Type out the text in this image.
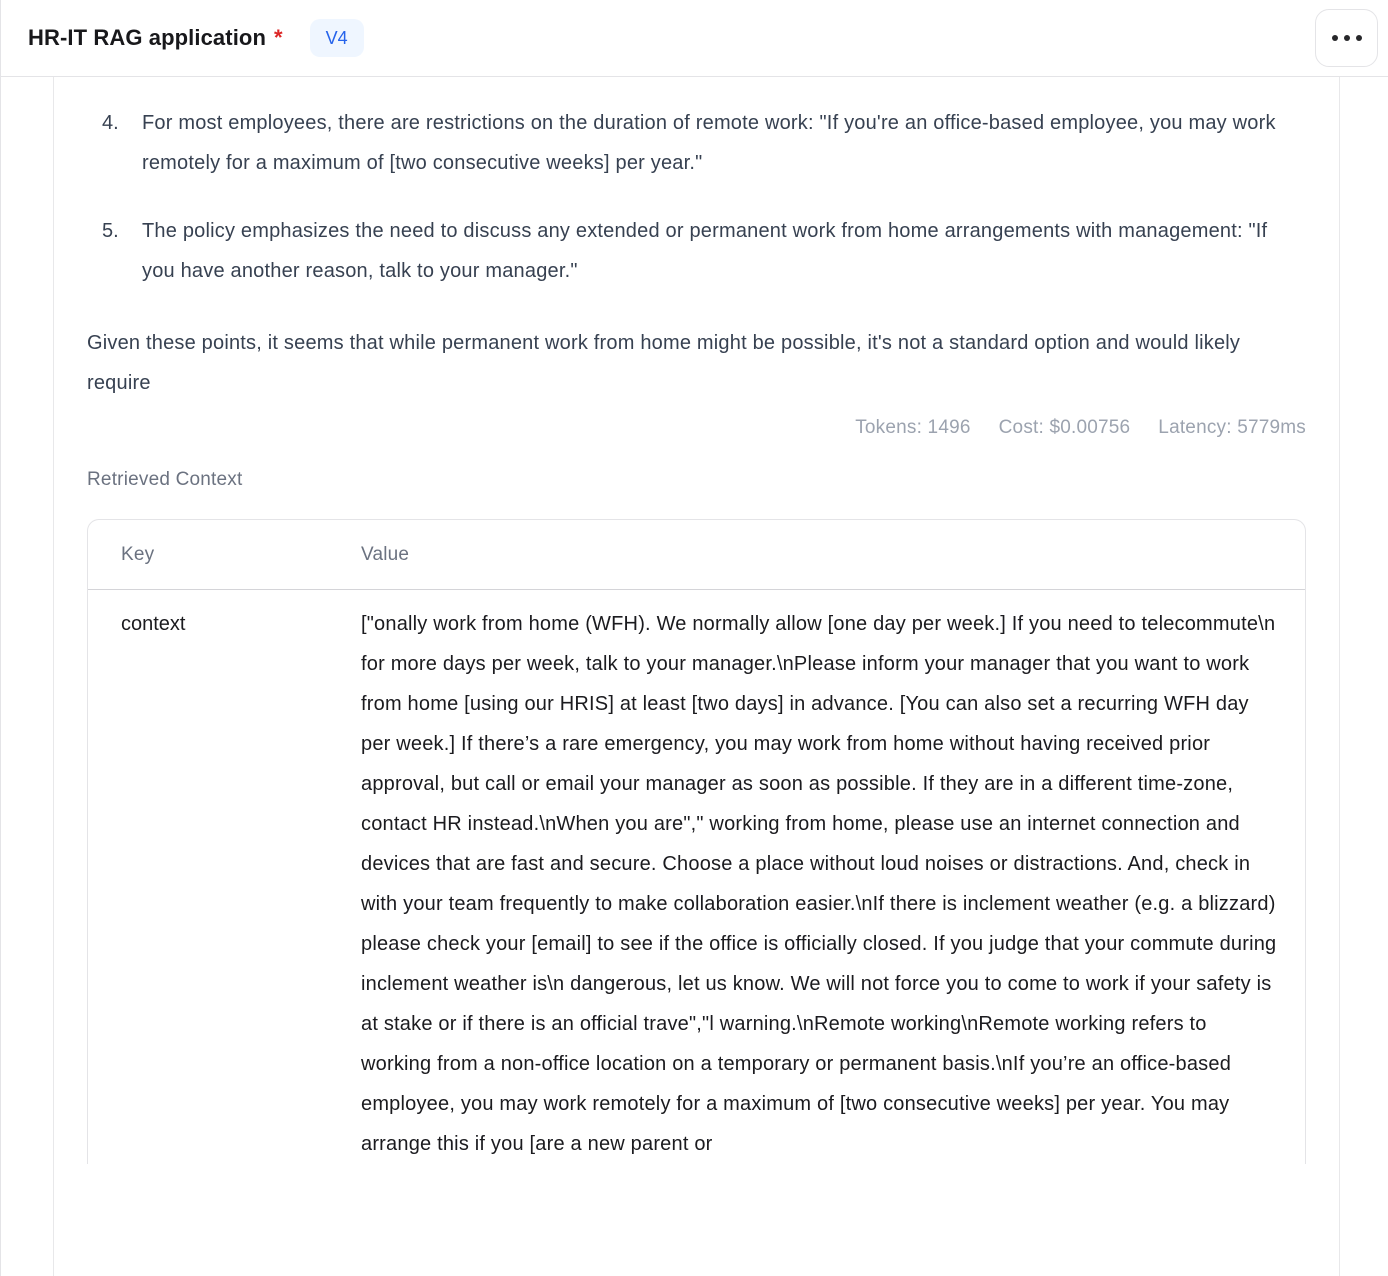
HR-IT RAG application *	V4
4.	For most employees, there are restrictions on the duration of remote work: "If you're an office-based employee, you may work remotely for a maximum of [two consecutive weeks] per year."
5.	The policy emphasizes the need to discuss any extended or permanent work from home arrangements with management: "If you have another reason, talk to your manager."
Given these points, it seems that while permanent work from home might be possible, it's not a standard option and would likely require
Tokens: 1496 Cost: $0.00756 Latency: 5779ms
Retrieved Context
Key	Value
context	["onally work from home (WFH). We normally allow [one day per week.] If you need to telecommute\n for more days per week, talk to your manager.\nPlease inform your manager that you want to work from home [using our HRIS] at least [two days] in advance. [You can also set a recurring WFH day per week.] If there’s a rare emergency, you may work from home without having received prior approval, but call or email your manager as soon as possible. If they are in a different time-zone, contact HR instead.\nWhen you are"," working from home, please use an internet connection and devices that are fast and secure. Choose a place without loud noises or distractions. And, check in with your team frequently to make collaboration easier.\nIf there is inclement weather (e.g. a blizzard) please check your [email] to see if the office is officially closed. If you judge that your commute during inclement weather is\n dangerous, let us know. We will not force you to come to work if your safety is at stake or if there is an official trave","l warning.\nRemote working\nRemote working refers to working from a non-office location on a temporary or permanent basis.\nIf you’re an office-based employee, you may work remotely for a maximum of [two consecutive weeks] per year. You may arrange this if you [are a new parent or
